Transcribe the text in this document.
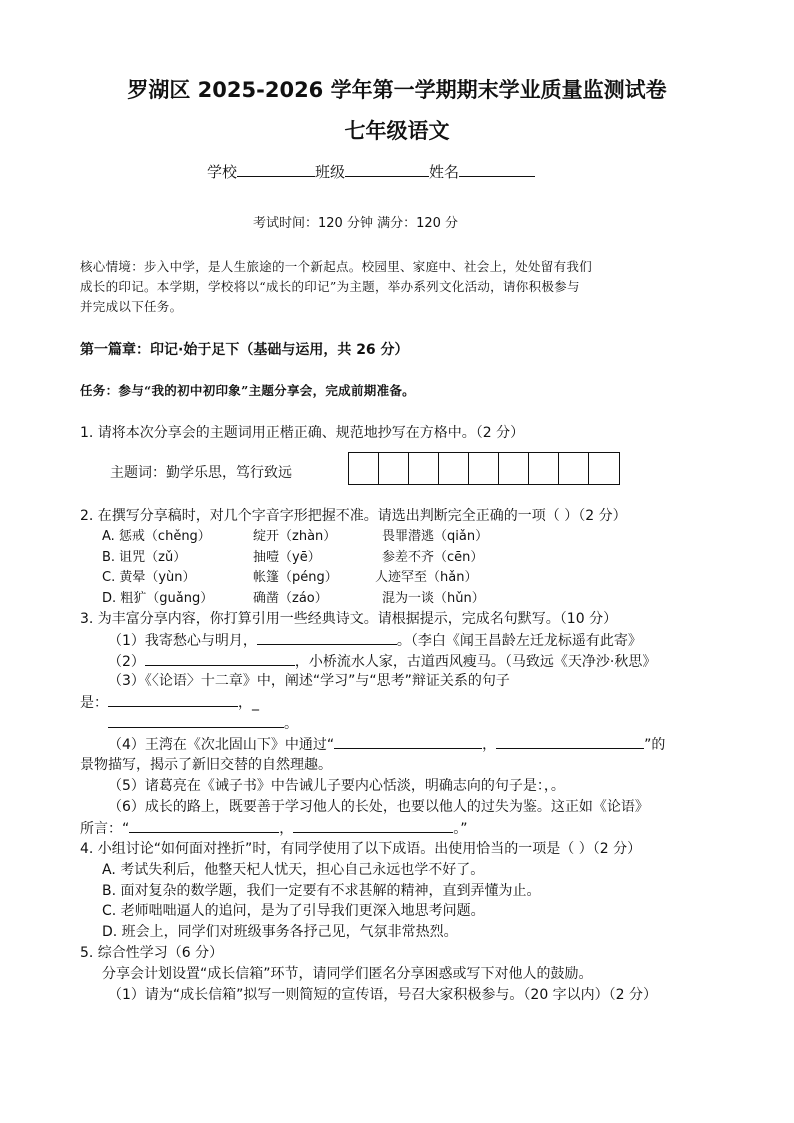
罗湖区 2025-2026 学年第一学期期末学业质量监测试卷
七年级语文
学校	班级	姓名
考试时间：120 分钟 满分：120 分
核心情境：步入中学，是人生旅途的一个新起点。校园里、家庭中、社会上，处处留有我们
成长的印记。本学期，学校将以“成长的印记”为主题，举办系列文化活动，请你积极参与
并完成以下任务。
第一篇章：印记·始于足下（基础与运用，共 26 分）
任务：参与“我的初中初印象”主题分享会，完成前期准备。
1. 请将本次分享会的主题词用正楷正确、规范地抄写在方格中。（2 分）
主题词：勤学乐思，笃行致远
2. 在撰写分享稿时，对几个字音字形把握不准。请选出判断完全正确的一项（ ）（2 分）
A. 惩戒（chěng）	绽开（zhàn）	畏罪潜逃（qiǎn）
B. 诅咒（zǔ）	抽噎（yē）	参差不齐（cēn）
C. 黄晕（yùn）	帐篷（péng）	人迹罕至（hǎn）
D. 粗犷（guǎng）	确凿（záo）	混为一谈（hǔn）
3. 为丰富分享内容，你打算引用一些经典诗文。请根据提示，完成名句默写。（10 分）
（1）我寄愁心与明月，	。（李白《闻王昌龄左迁龙标遥有此寄》
（2）	，小桥流水人家，古道西风瘦马。（马致远《天净沙·秋思》
（3）《〈论语〉十二章》中，阐述“学习”与“思考”辩证关系的句子
是：	，_
。
（4）王湾在《次北固山下》中通过“	，	”的
景物描写，揭示了新旧交替的自然理趣。
（5）诸葛亮在《诫子书》中告诫儿子要内心恬淡，明确志向的句子是：，。
（6）成长的路上，既要善于学习他人的长处，也要以他人的过失为鉴。这正如《论语》
所言：“	，	。”
4. 小组讨论“如何面对挫折”时，有同学使用了以下成语。出使用恰当的一项是（ ）（2 分）
A. 考试失利后，他整天杞人忧天，担心自己永远也学不好了。
B. 面对复杂的数学题，我们一定要有不求甚解的精神，直到弄懂为止。
C. 老师咄咄逼人的追问，是为了引导我们更深入地思考问题。
D. 班会上，同学们对班级事务各抒己见，气氛非常热烈。
5. 综合性学习（6 分）
分享会计划设置“成长信箱”环节，请同学们匿名分享困惑或写下对他人的鼓励。
（1）请为“成长信箱”拟写一则简短的宣传语，号召大家积极参与。（20 字以内）（2 分）
